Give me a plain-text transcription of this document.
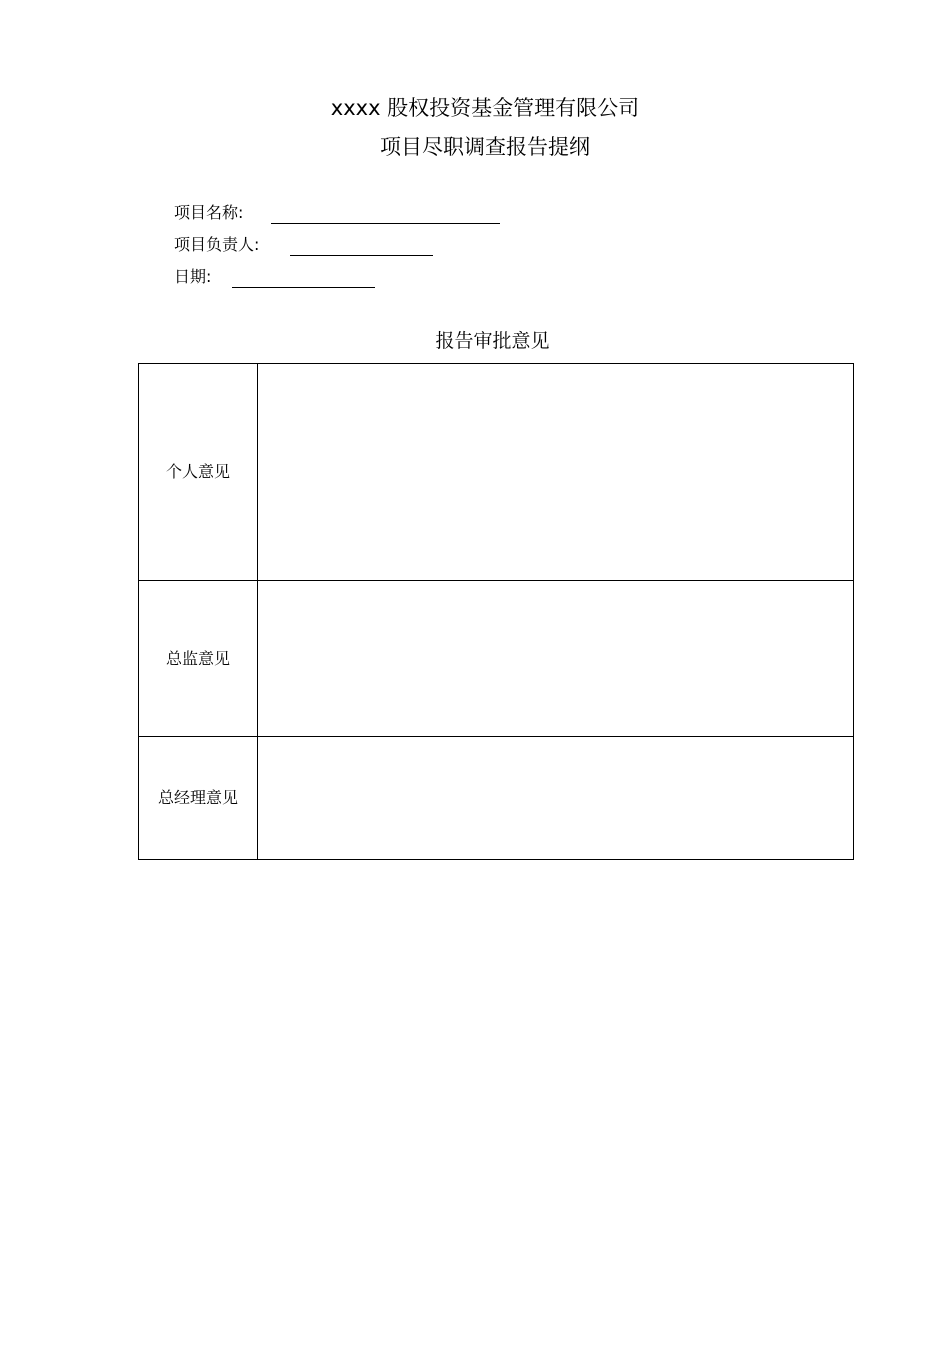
xxxx 股权投资基金管理有限公司
项目尽职调查报告提纲
项目名称:
项目负责人:
日期:
报告审批意见
个人意见	
总监意见	
总经理意见	
